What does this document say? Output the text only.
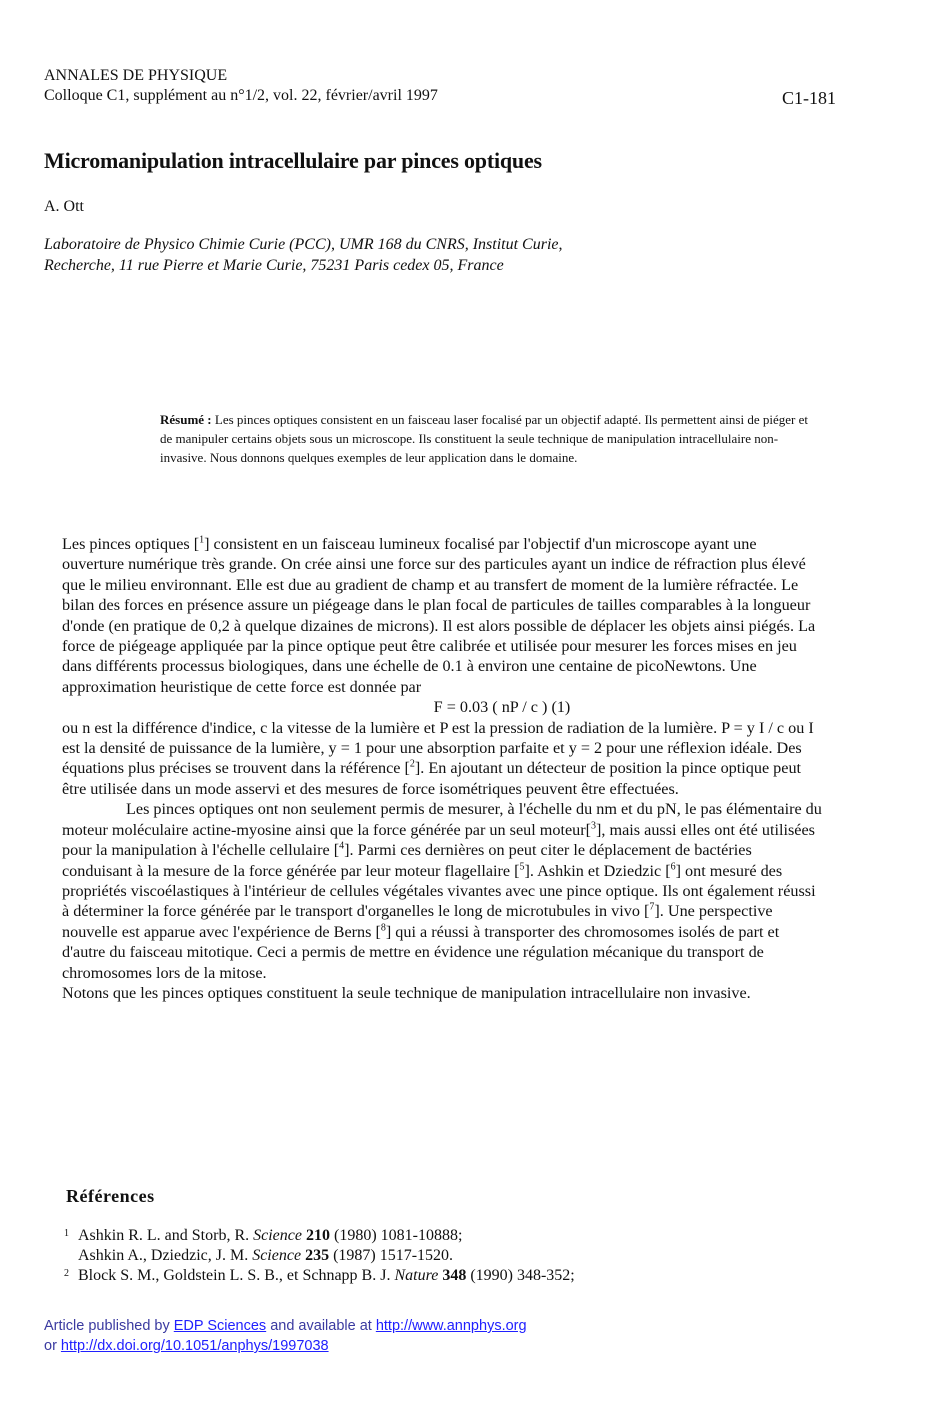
ANNALES DE PHYSIQUE
Colloque C1, supplément au n°1/2, vol. 22, février/avril 1997	C1-181
Micromanipulation intracellulaire par pinces optiques
A. Ott
Laboratoire de Physico Chimie Curie (PCC), UMR 168 du CNRS, Institut Curie,
Recherche, 11 rue Pierre et Marie Curie, 75231 Paris cedex 05, France
Résumé : Les pinces optiques consistent en un faisceau laser focalisé par un objectif adapté. Ils permettent ainsi de piéger et de manipuler certains objets sous un microscope. Ils constituent la seule technique de manipulation intracellulaire non-invasive. Nous donnons quelques exemples de leur application dans le domaine.

Les pinces optiques [$^1$] consistent en un faisceau lumineux focalisé par l'objectif d'un microscope ayant une ouverture numérique très grande. On crée ainsi une force sur des particules ayant un indice de réfraction plus élevé que le milieu environnant. Elle est due au gradient de champ et au transfert de moment de la lumière réfractée. Le bilan des forces en présence assure un piégeage dans le plan focal de particules de tailles comparables à la longueur d'onde (en pratique de 0,2 à quelque dizaines de microns). Il est alors possible de déplacer les objets ainsi piégés. La force de piégeage appliquée par la pince optique peut être calibrée et utilisée pour mesurer les forces mises en jeu dans différents processus biologiques, dans une échelle de 0.1 à environ une centaine de picoNewtons. Une approximation heuristique de cette force est donnée par

F = 0.03 ( nP / c ) (1)

ou n est la différence d'indice, c la vitesse de la lumière et P est la pression de radiation de la lumière. P = y I / c ou I est la densité de puissance de la lumière, y = 1 pour une absorption parfaite et y = 2 pour une réflexion idéale. Des équations plus précises se trouvent dans la référence [$^2$]. En ajoutant un détecteur de position la pince optique peut être utilisée dans un mode asservi et des mesures de force isométriques peuvent être effectuées.

Les pinces optiques ont non seulement permis de mesurer, à l'échelle du nm et du pN, le pas élémentaire du moteur moléculaire actine-myosine ainsi que la force générée par un seul moteur[$^3$], mais aussi elles ont été utilisées pour la manipulation à l'échelle cellulaire [$^4$]. Parmi ces dernières on peut citer le déplacement de bactéries conduisant à la mesure de la force générée par leur moteur flagellaire [$^5$]. Ashkin et Dziedzic [$^6$] ont mesuré des propriétés viscoélastiques à l'intérieur de cellules végétales vivantes avec une pince optique. Ils ont également réussi à déterminer la force générée par le transport d'organelles le long de microtubules in vivo [$^7$]. Une perspective nouvelle est apparue avec l'expérience de Berns [$^8$] qui a réussi à transporter des chromosomes isolés de part et d'autre du faisceau mitotique. Ceci a permis de mettre en évidence une régulation mécanique du transport de chromosomes lors de la mitose.

Notons que les pinces optiques constituent la seule technique de manipulation intracellulaire non invasive.

Références
1 Ashkin R. L. and Storb, R. Science 210 (1980) 1081-10888;
Ashkin A., Dziedzic, J. M. Science 235 (1987) 1517-1520.
2 Block S. M., Goldstein L. S. B., et Schnapp B. J. Nature 348 (1990) 348-352;
Article published by EDP Sciences and available at http://www.annphys.org
or http://dx.doi.org/10.1051/anphys/1997038
